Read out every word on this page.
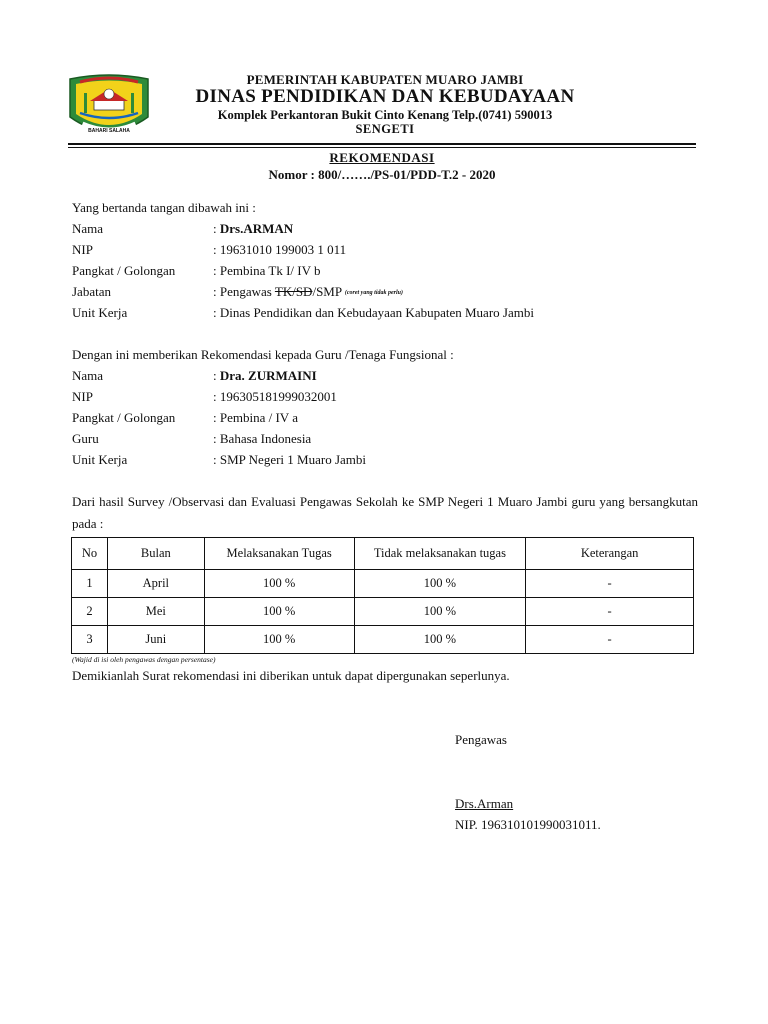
BAHARI SALAHA
PEMERINTAH KABUPATEN MUARO JAMBI
DINAS PENDIDIKAN DAN KEBUDAYAAN
Komplek Perkantoran Bukit Cinto Kenang Telp.(0741) 590013
SENGETI
REKOMENDASI
Nomor : 800/……./PS-01/PDD-T.2 - 2020
Yang bertanda tangan dibawah ini :
Nama	: Drs.ARMAN
NIP	: 19631010 199003 1 011
Pangkat / Golongan	: Pembina Tk I/ IV b
Jabatan	: Pengawas TK/SD/SMP (coret yang tidak perlu)
Unit Kerja	: Dinas Pendidikan dan Kebudayaan Kabupaten Muaro Jambi
Dengan ini memberikan Rekomendasi kepada Guru /Tenaga Fungsional :
Nama	: Dra. ZURMAINI
NIP	: 196305181999032001
Pangkat / Golongan	: Pembina / IV a
Guru	: Bahasa Indonesia
Unit Kerja	: SMP Negeri 1 Muaro Jambi
Dari hasil Survey /Observasi dan Evaluasi Pengawas Sekolah ke SMP Negeri 1 Muaro Jambi guru yang bersangkutan pada :
No	Bulan	Melaksanakan Tugas	Tidak melaksanakan tugas	Keterangan
1	April	100 %	100 %	-
2	Mei	100 %	100 %	-
3	Juni	100 %	100 %	-
(Wajid di isi oleh pengawas dengan persentase)
Demikianlah Surat rekomendasi ini diberikan untuk dapat dipergunakan seperlunya.
Pengawas
Drs.Arman
NIP. 196310101990031011.
